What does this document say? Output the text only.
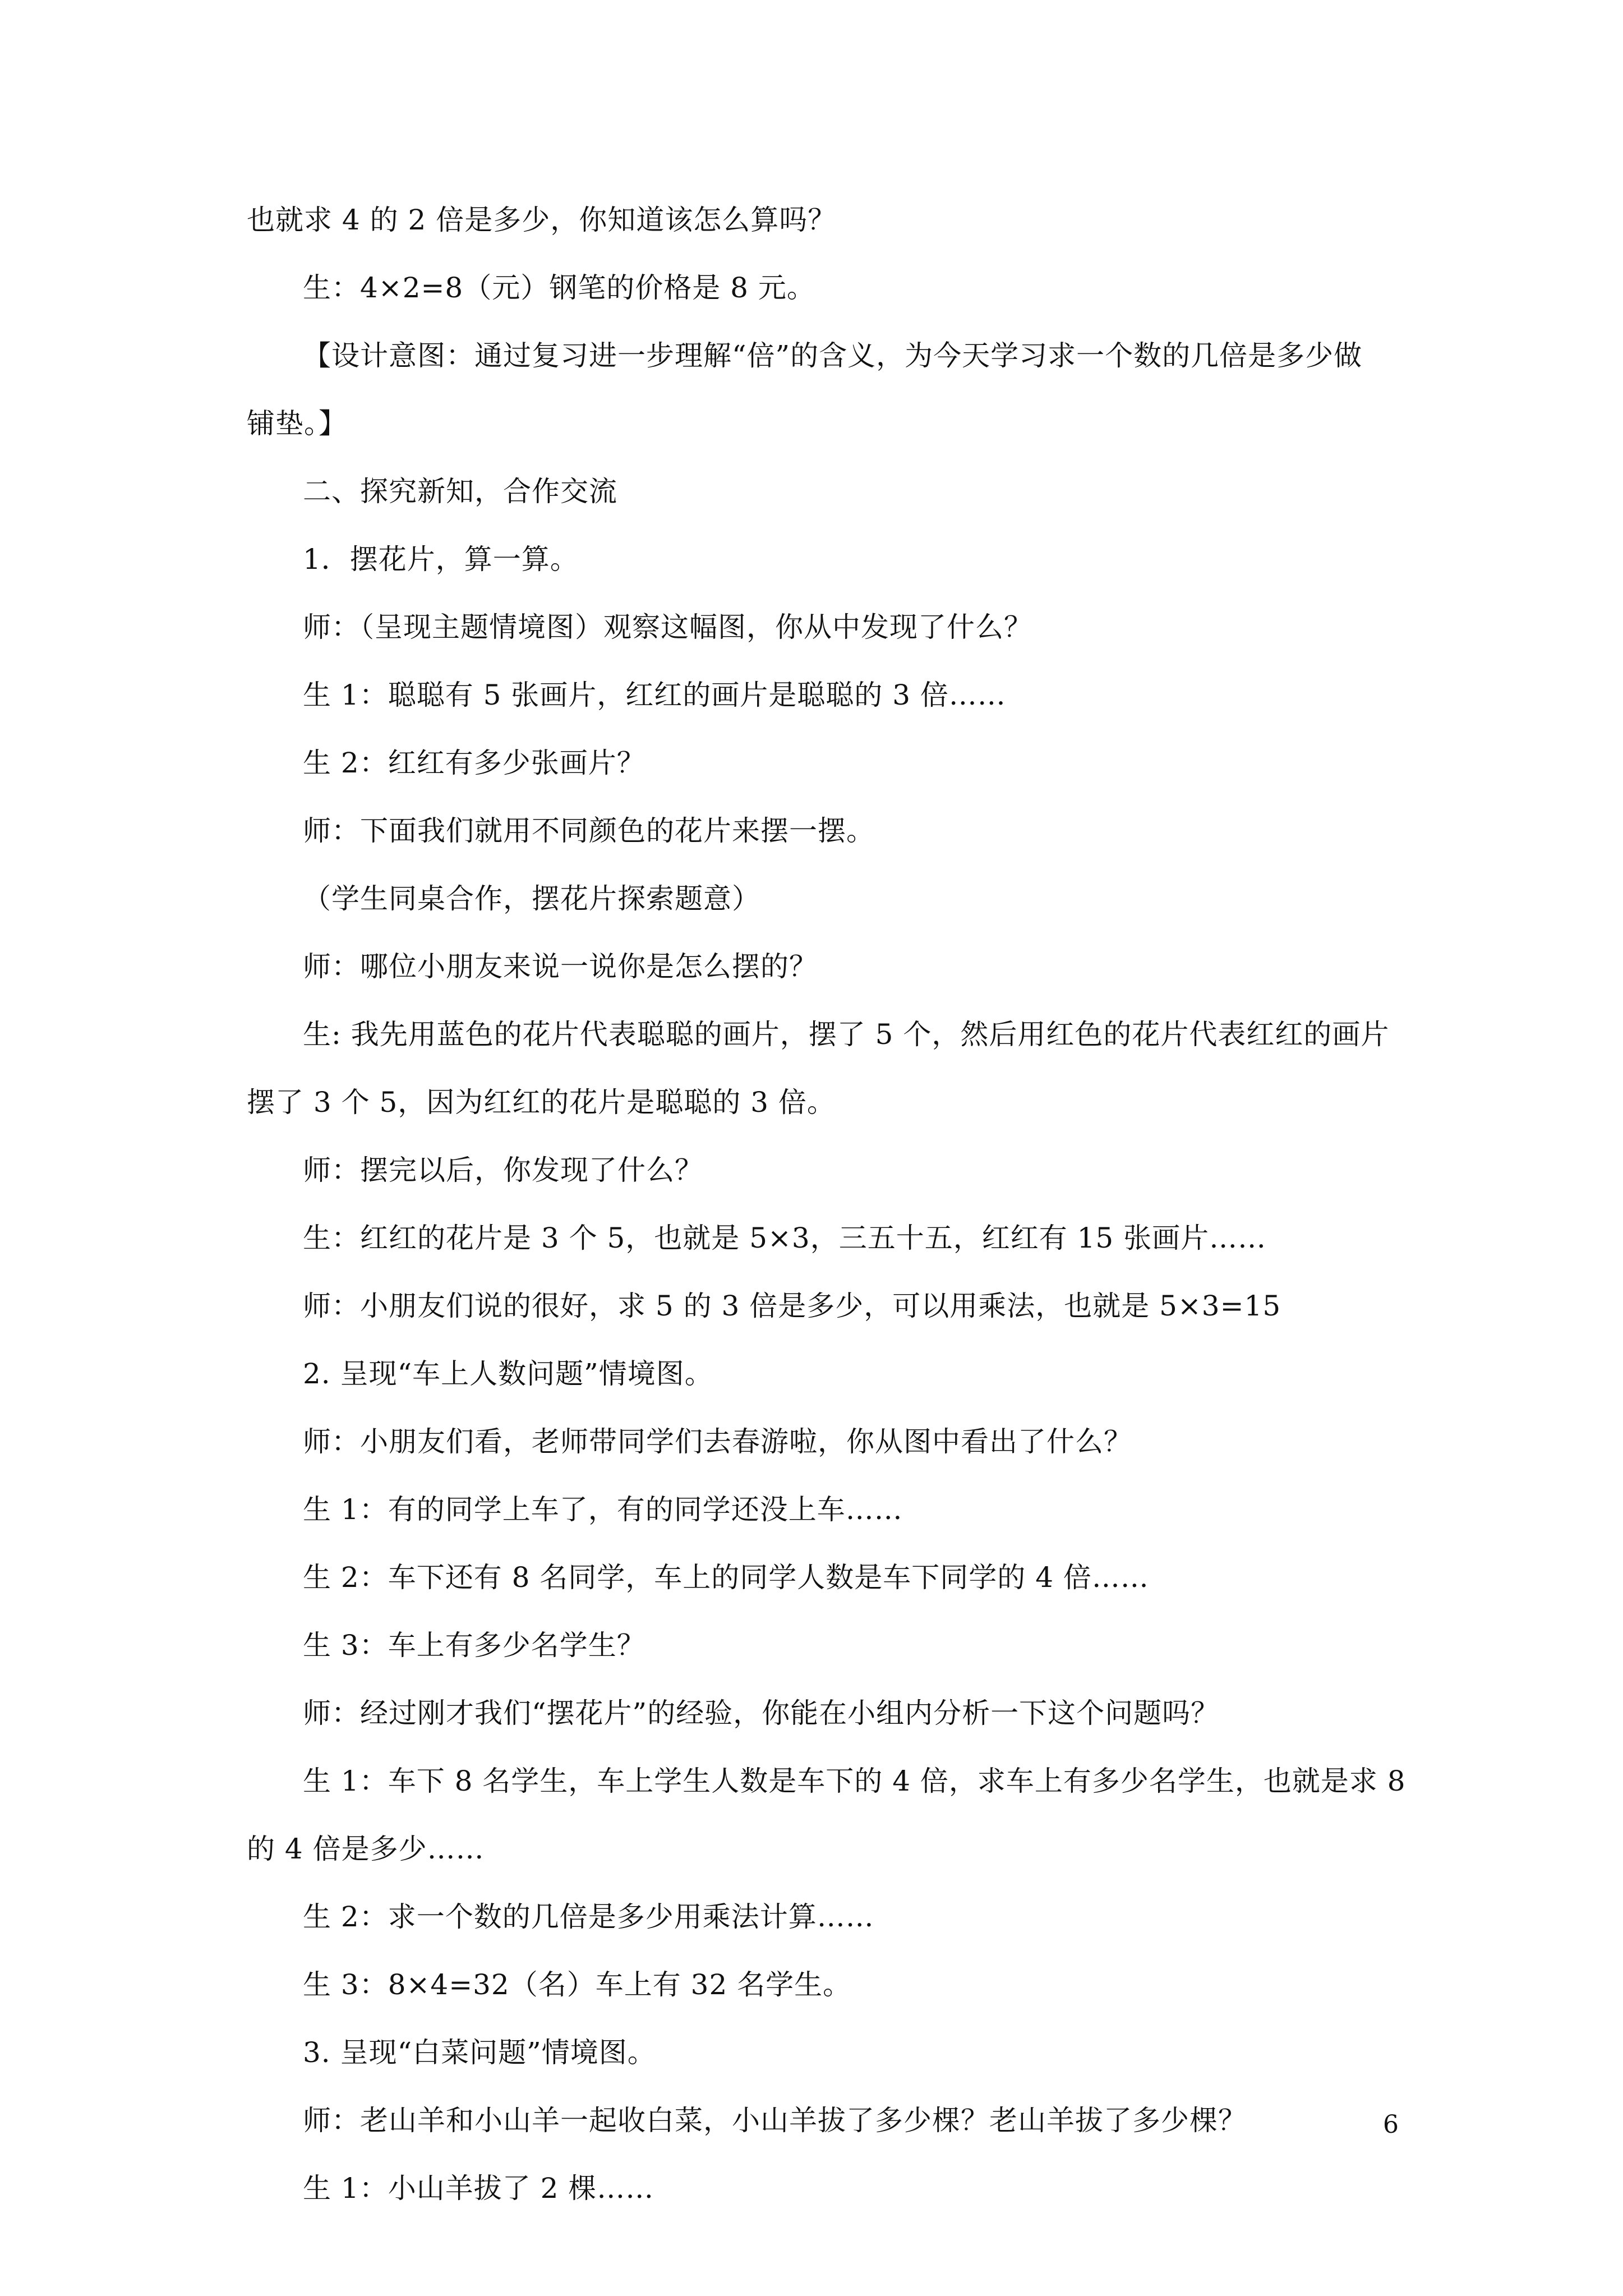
也就求 4 的 2 倍是多少，你知道该怎么算吗？
生：4×2=8（元）钢笔的价格是 8 元。
【设计意图：通过复习进一步理解“倍”的含义，为今天学习求一个数的几倍是多少做
铺垫。】
二、探究新知，合作交流
1．摆花片，算一算。
师：（呈现主题情境图）观察这幅图，你从中发现了什么？
生 1：聪聪有 5 张画片，红红的画片是聪聪的 3 倍……
生 2：红红有多少张画片？
师：下面我们就用不同颜色的花片来摆一摆。
（学生同桌合作，摆花片探索题意）
师：哪位小朋友来说一说你是怎么摆的？
生: 我先用蓝色的花片代表聪聪的画片，摆了 5 个，然后用红色的花片代表红红的画片
摆了 3 个 5，因为红红的花片是聪聪的 3 倍。
师：摆完以后，你发现了什么？
生：红红的花片是 3 个 5，也就是 5×3，三五十五，红红有 15 张画片……
师：小朋友们说的很好，求 5 的 3 倍是多少，可以用乘法，也就是 5×3=15
2. 呈现“车上人数问题”情境图。
师：小朋友们看，老师带同学们去春游啦，你从图中看出了什么？
生 1：有的同学上车了，有的同学还没上车……
生 2：车下还有 8 名同学，车上的同学人数是车下同学的 4 倍……
生 3：车上有多少名学生？
师：经过刚才我们“摆花片”的经验，你能在小组内分析一下这个问题吗？
生 1：车下 8 名学生，车上学生人数是车下的 4 倍，求车上有多少名学生，也就是求 8
的 4 倍是多少……
生 2：求一个数的几倍是多少用乘法计算……
生 3：8×4=32（名）车上有 32 名学生。
3. 呈现“白菜问题”情境图。
师：老山羊和小山羊一起收白菜，小山羊拔了多少棵？老山羊拔了多少棵？
生 1：小山羊拔了 2 棵……
6
